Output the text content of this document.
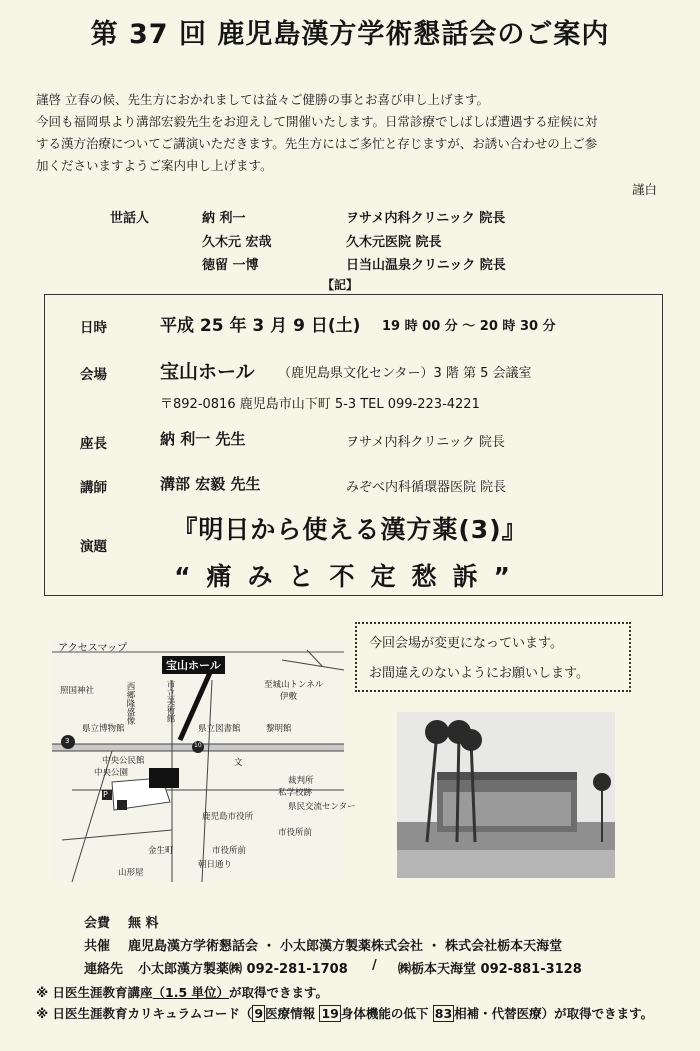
第 37 回 鹿児島漢方学術懇話会のご案内
謹啓 立春の候、先生方におかれましては益々ご健勝の事とお喜び申し上げます。
今回も福岡県より溝部宏毅先生をお迎えして開催いたします。日常診療でしばしば遭遇する症候に対
する漢方治療についてご講演いただきます。先生方にはご多忙と存じますが、お誘い合わせの上ご参
加くださいますようご案内申し上げます。
謹白
世話人	納 利一	ヲサメ内科クリニック 院長
久木元 宏哉	久木元医院 院長
徳留 一博	日当山温泉クリニック 院長
【記】
日時	平成 25 年 3 月 9 日(土) 19 時 00 分 ～ 20 時 30 分
会場	宝山ホール （鹿児島県文化センター）3 階 第 5 会議室
〒892-0816 鹿児島市山下町 5-3 TEL 099-223-4221
座長	納 利一 先生	ヲサメ内科クリニック 院長
講師	溝部 宏毅 先生	みぞべ内科循環器医院 院長
演題
『明日から使える漢方薬(3)』
“痛みと不定愁訴”
アクセスマップ
宝山ホール
照国神社
至城山トンネル
伊敷
西郷隆盛像	市立美術館
県立博物館	県立図書館	黎明館
中央公民館
中央公園
裁判所
私学校跡
鹿児島市役所
県民交流センター
市役所前
金生町	市役所前
朝日通り
山形屋
3
10
文
P
今回会場が変更になっています。
お間違えのないようにお願いします。
会費 無 料
共催 鹿児島漢方学術懇話会 ・ 小太郎漢方製薬株式会社 ・ 株式会社栃本天海堂
連絡先 小太郎漢方製薬㈱ 092-281-1708 / ㈱栃本天海堂 092-881-3128
※ 日医生涯教育講座（1.5 単位）が取得できます。
※ 日医生涯教育カリキュラムコード（ 9 医療情報 19 身体機能の低下 83 相補・代替医療）が取得できます。
